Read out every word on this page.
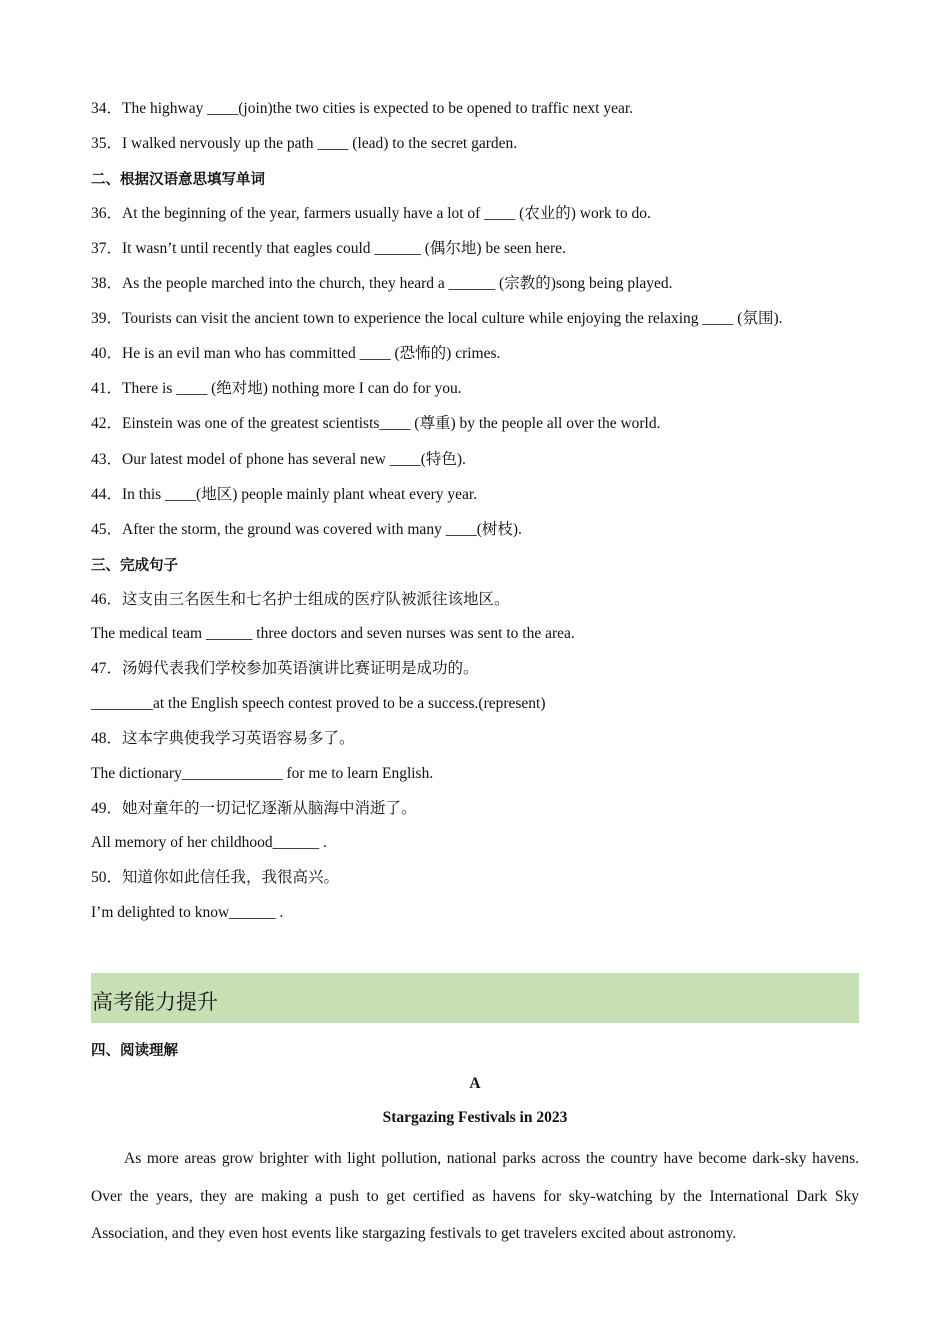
34．The highway ____(join)the two cities is expected to be opened to traffic next year.
35．I walked nervously up the path ____ (lead) to the secret garden.
二、根据汉语意思填写单词
36．At the beginning of the year, farmers usually have a lot of ____ (农业的) work to do.
37．It wasn’t until recently that eagles could ______ (偶尔地) be seen here.
38．As the people marched into the church, they heard a ______ (宗教的)song being played.
39．Tourists can visit the ancient town to experience the local culture while enjoying the relaxing ____ (氛围).
40．He is an evil man who has committed ____ (恐怖的) crimes.
41．There is ____ (绝对地) nothing more I can do for you.
42．Einstein was one of the greatest scientists____ (尊重) by the people all over the world.
43．Our latest model of phone has several new ____(特色).
44．In this ____(地区) people mainly plant wheat every year.
45．After the storm, the ground was covered with many ____(树枝).
三、完成句子
46．这支由三名医生和七名护士组成的医疗队被派往该地区。
The medical team ______ three doctors and seven nurses was sent to the area.
47．汤姆代表我们学校参加英语演讲比赛证明是成功的。
________at the English speech contest proved to be a success.(represent)
48．这本字典使我学习英语容易多了。
The dictionary_____________ for me to learn English.
49．她对童年的一切记忆逐渐从脑海中消逝了。
All memory of her childhood______ .
50．知道你如此信任我，我很高兴。
I’m delighted to know______ .
高考能力提升
四、阅读理解
A
Stargazing Festivals in 2023
As more areas grow brighter with light pollution, national parks across the country have become dark-sky havens. Over the years, they are making a push to get certified as havens for sky-watching by the International Dark Sky Association, and they even host events like stargazing festivals to get travelers excited about astronomy.
